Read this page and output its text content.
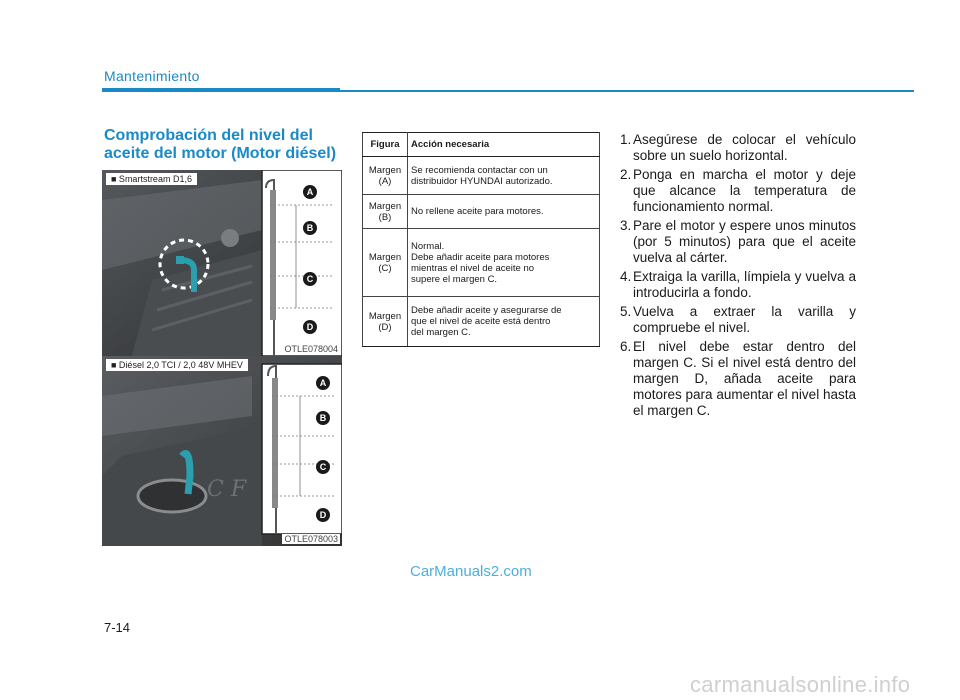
Mantenimiento
Comprobación del nivel del aceite del motor (Motor diésel)
A
B
C
D
■ Smartstream D1,6
OTLE078004
C F
A
B
C
D
■ Diésel 2,0 TCI / 2,0 48V MHEV
OTLE078003
Figura	Acción necesaria
Margen
(A)	Se recomienda contactar con un
distribuidor HYUNDAI autorizado.
Margen
(B)	No rellene aceite para motores.
Margen
(C)	Normal.
Debe añadir aceite para motores
mientras el nivel de aceite no
supere el margen C.
Margen
(D)	Debe añadir aceite y asegurarse de
que el nivel de aceite está dentro
del margen C.
1. Asegúrese de colocar el vehículo sobre un suelo horizontal.
2. Ponga en marcha el motor y deje que alcance la temperatura de funcionamiento normal.
3. Pare el motor y espere unos minutos (por 5 minutos) para que el aceite vuelva al cárter.
4. Extraiga la varilla, límpiela y vuelva a introducirla a fondo.
5. Vuelva a extraer la varilla y compruebe el nivel.
6. El nivel debe estar dentro del margen C. Si el nivel está dentro del margen D, añada aceite para motores para aumentar el nivel hasta el margen C.
7-14
CarManuals2.com
carmanualsonline.info
